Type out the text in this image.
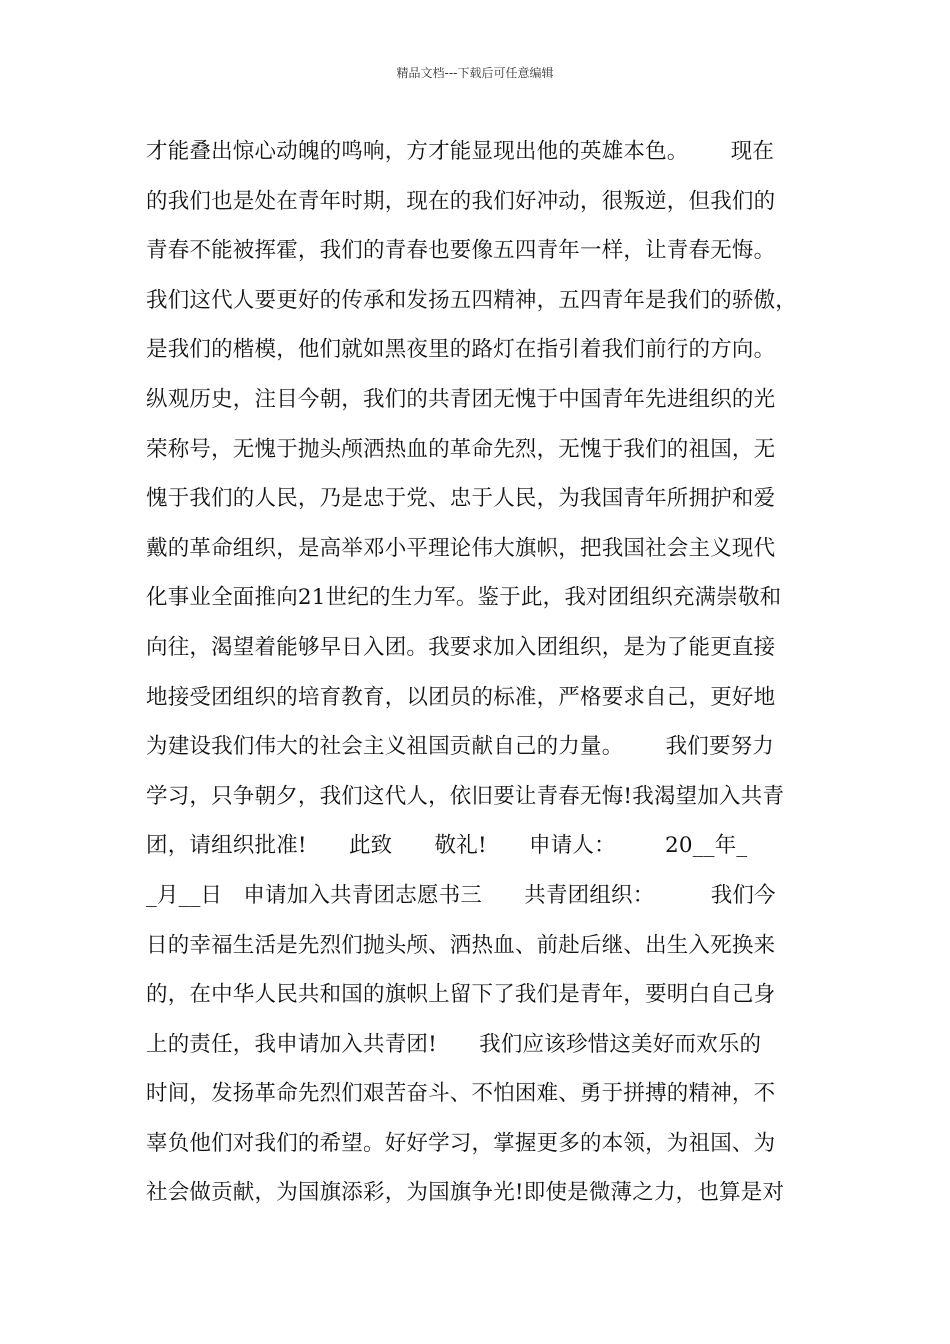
精品文档---下载后可任意编辑
才能叠出惊心动魄的鸣响，方才能显现出他的英雄本色。      现在
的我们也是处在青年时期，现在的我们好冲动，很叛逆，但我们的
青春不能被挥霍，我们的青春也要像五四青年一样，让青春无悔。
我们这代人要更好的传承和发扬五四精神，五四青年是我们的骄傲，
是我们的楷模，他们就如黑夜里的路灯在指引着我们前行的方向。
纵观历史，注目今朝，我们的共青团无愧于中国青年先进组织的光
荣称号，无愧于抛头颅洒热血的革命先烈，无愧于我们的祖国，无
愧于我们的人民，乃是忠于党、忠于人民，为我国青年所拥护和爱
戴的革命组织，是高举邓小平理论伟大旗帜，把我国社会主义现代
化事业全面推向21世纪的生力军。鉴于此，我对团组织充满崇敬和
向往，渴望着能够早日入团。我要求加入团组织，是为了能更直接
地接受团组织的培育教育，以团员的标准，严格要求自己，更好地
为建设我们伟大的社会主义祖国贡献自己的力量。      我们要努力
学习，只争朝夕，我们这代人，依旧要让青春无悔!我渴望加入共青
团，请组织批准!      此致      敬礼!      申请人：       20__年_
_月__日   申请加入共青团志愿书三      共青团组织：        我们今
日的幸福生活是先烈们抛头颅、洒热血、前赴后继、出生入死换来
的，在中华人民共和国的旗帜上留下了我们是青年，要明白自己身
上的责任，我申请加入共青团!      我们应该珍惜这美好而欢乐的
时间，发扬革命先烈们艰苦奋斗、不怕困难、勇于拼搏的精神，不
辜负他们对我们的希望。好好学习，掌握更多的本领，为祖国、为
社会做贡献，为国旗添彩，为国旗争光!即使是微薄之力，也算是对
